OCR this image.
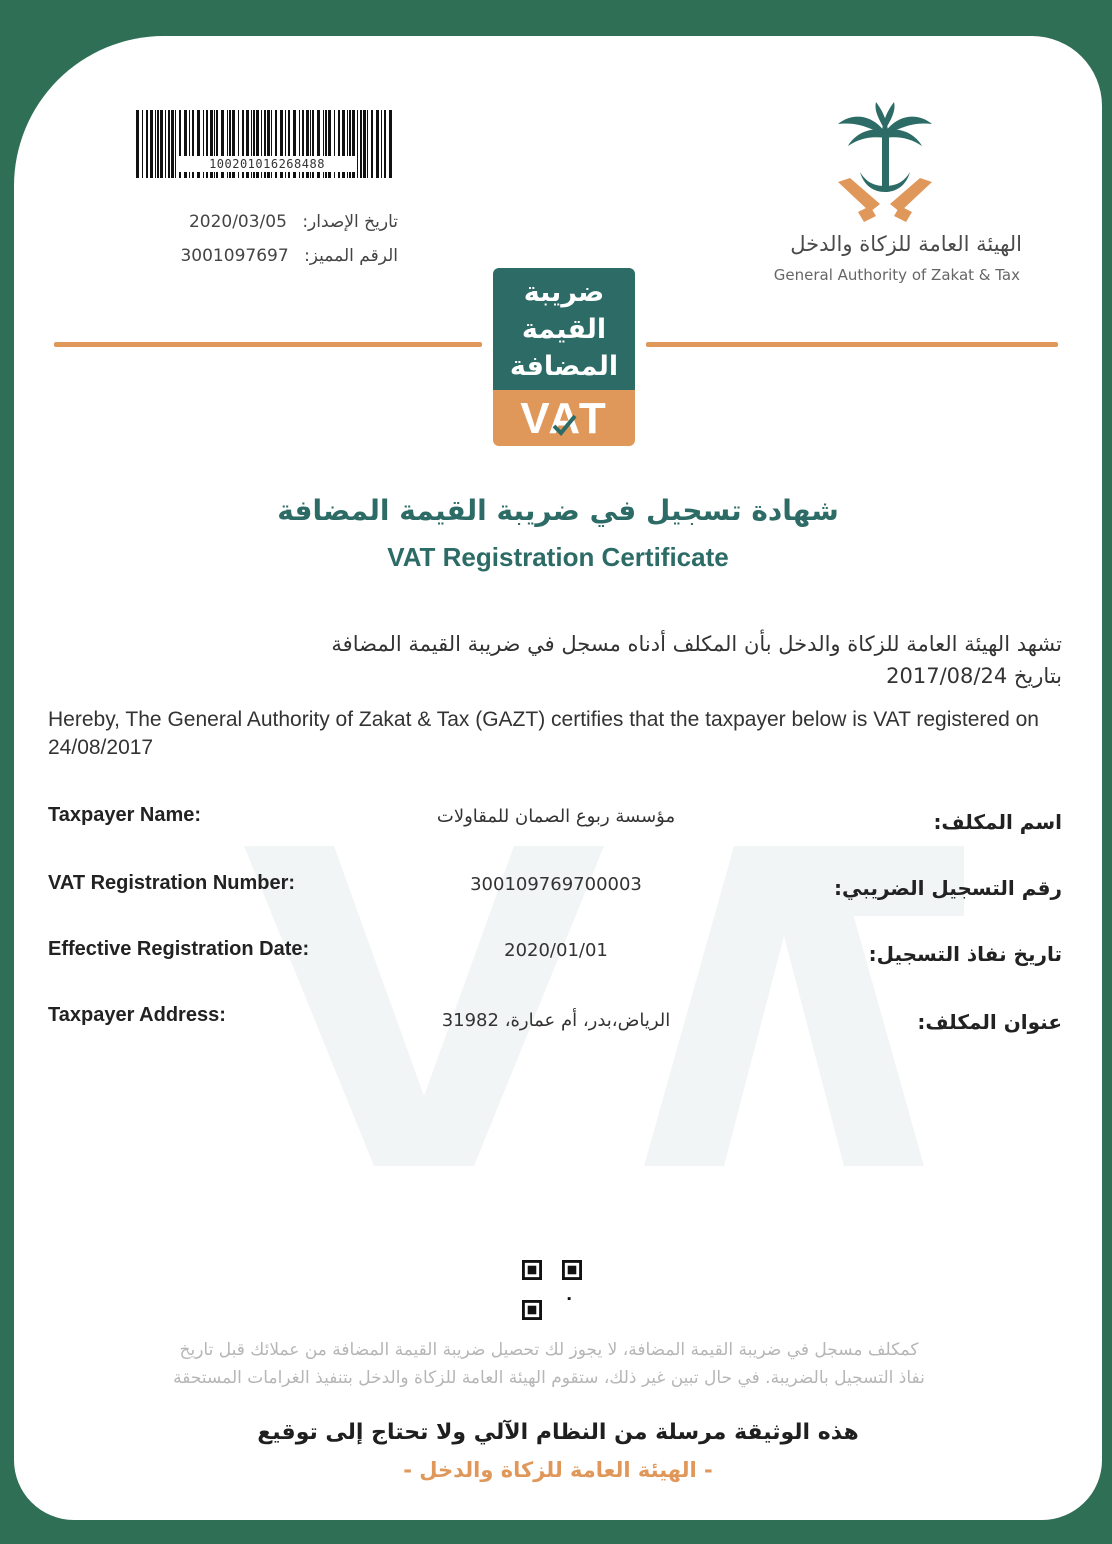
100201016268488
تاريخ الإصدار: 2020/03/05
الرقم المميز: 3001097697	الهيئة العامة للزكاة والدخل
General Authority of Zakat & Tax
ضريبة
القيمة
المضافة
VAT
شهادة تسجيل في ضريبة القيمة المضافة
VAT Registration Certificate
تشهد الهيئة العامة للزكاة والدخل بأن المكلف أدناه مسجل في ضريبة القيمة المضافة
بتاريخ 2017/08/24
Hereby, The General Authority of Zakat & Tax (GAZT) certifies that the taxpayer below is VAT registered on 24/08/2017
Taxpayer Name:	مؤسسة ربوع الصمان للمقاولات	اسم المكلف:
VAT Registration Number:	300109769700003	رقم التسجيل الضريبي:
Effective Registration Date:	2020/01/01	تاريخ نفاذ التسجيل:
Taxpayer Address:	الرياض،بدر، أم عمارة، 31982	عنوان المكلف:
كمكلف مسجل في ضريبة القيمة المضافة، لا يجوز لك تحصيل ضريبة القيمة المضافة من عملائك قبل تاريخ
نفاذ التسجيل بالضريبة. في حال تبين غير ذلك، ستقوم الهيئة العامة للزكاة والدخل بتنفيذ الغرامات المستحقة
هذه الوثيقة مرسلة من النظام الآلي ولا تحتاج إلى توقيع
- الهيئة العامة للزكاة والدخل -
